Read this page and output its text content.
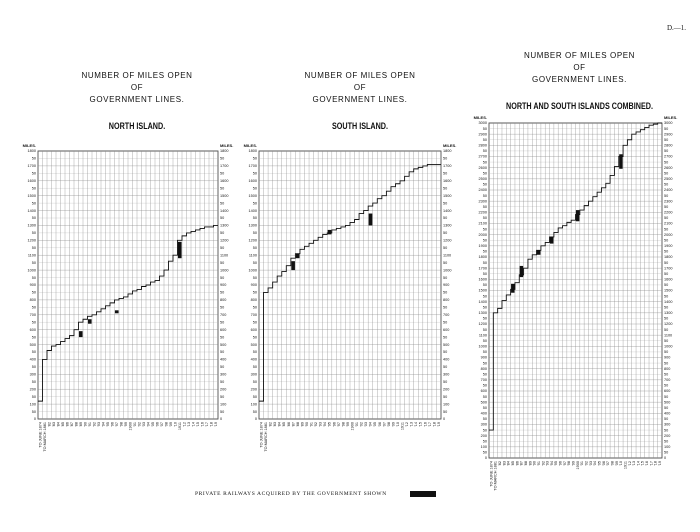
D.—1.
NUMBER OF MILES OPEN
OF
GOVERNMENT LINES.
NORTH ISLAND.
0	0
50	50
100	100
50	50
200	200
50	50
300	300
50	50
400	400
50	50
500	500
50	50
600	600
50	50
700	700
50	50
800	800
50	50
900	900
50	50
1000	1000
50	50
1100	1100
50	50
1200	1200
50	50
1300	1300
50	50
1400	1400
50	50
1500	1500
50	50
1600	1600
50	50
1700	1700
50	50
1800	1800
MILES.	MILES.
TO JUNE 1874 TO MARCH 1881 '82 '83 '84 '85 '86 '87 '88 '89 '90 '91 '92 '93 '94 '95 '96 '97 '98 '99 1900 '01 '02 '03 '04 '05 '06 '07 '08 '09 '10 1911 '12 '13 '14 '15 '16 '17 '18 '19
NUMBER OF MILES OPEN
OF
GOVERNMENT LINES.
SOUTH ISLAND.
0	0
50	50
100	100
50	50
200	200
50	50
300	300
50	50
400	400
50	50
500	500
50	50
600	600
50	50
700	700
50	50
800	800
50	50
900	900
50	50
1000	1000
50	50
1100	1100
50	50
1200	1200
50	50
1300	1300
50	50
1400	1400
50	50
1500	1500
50	50
1600	1600
50	50
1700	1700
50	50
1800	1800
MILES.	MILES.
TO JUNE 1874 TO MARCH 1881 '82 '83 '84 '85 '86 '87 '88 '89 '90 '91 '92 '93 '94 '95 '96 '97 '98 '99 1900 '01 '02 '03 '04 '05 '06 '07 '08 '09 '10 1911 '12 '13 '14 '15 '16 '17 '18 '19
NUMBER OF MILES OPEN
OF
GOVERNMENT LINES.
NORTH AND SOUTH ISLANDS COMBINED.
0	0
50	50
100	100
50	50
200	200
50	50
300	300
50	50
400	400
50	50
500	500
50	50
600	600
50	50
700	700
50	50
800	800
50	50
900	900
50	50
1000	1000
50	50
1100	1100
50	50
1200	1200
50	50
1300	1300
50	50
1400	1400
50	50
1500	1500
50	50
1600	1600
50	50
1700	1700
50	50
1800	1800
50	50
1900	1900
50	50
2000	2000
50	50
2100	2100
50	50
2200	2200
50	50
2300	2300
50	50
2400	2400
50	50
2500	2500
50	50
2600	2600
50	50
2700	2700
50	50
2800	2800
50	50
2900	2900
50	50
3000	3000
MILES.	MILES.
TO JUNE 1874 TO MARCH 1881 '82 '83 '84 '85 '86 '87 '88 '89 '90 '91 '92 '93 '94 '95 '96 '97 '98 '99 1900 '01 '02 '03 '04 '05 '06 '07 '08 '09 '10 1911 '12 '13 '14 '15 '16 '17 '18 '19
PRIVATE RAILWAYS ACQUIRED BY THE GOVERNMENT SHOWN
